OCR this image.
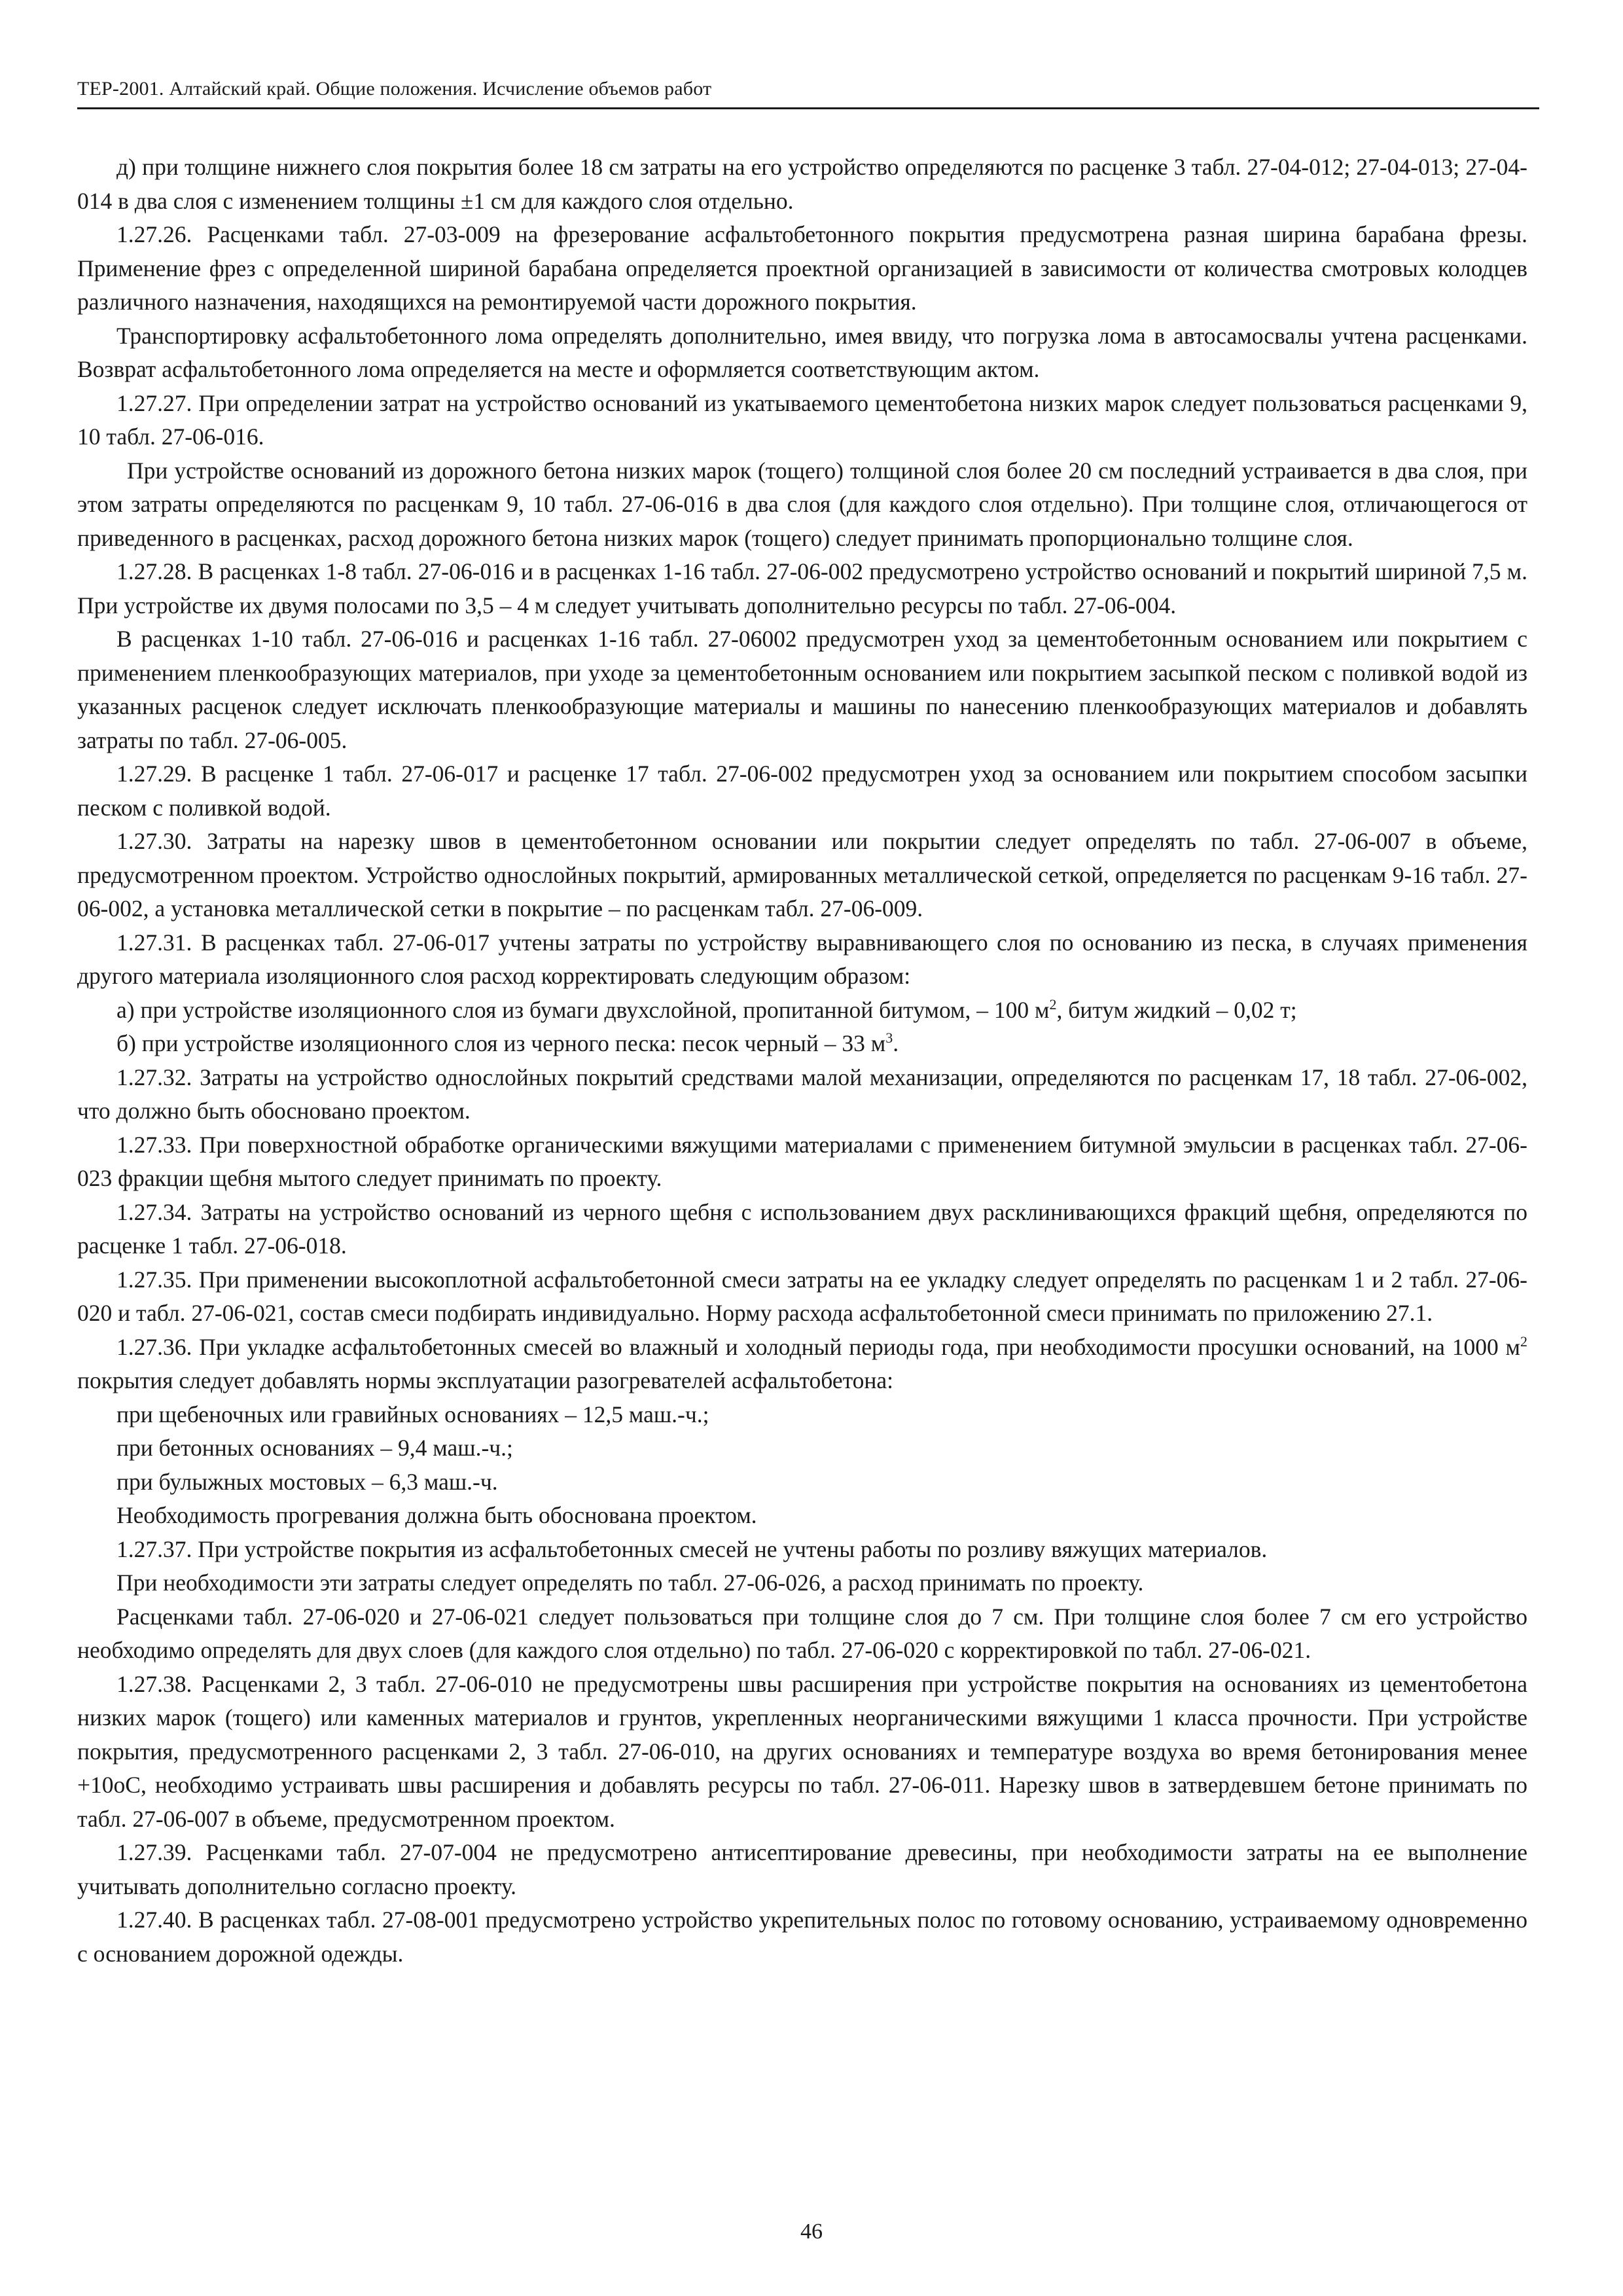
ТЕР-2001. Алтайский край. Общие положения. Исчисление объемов работ

д) при толщине нижнего слоя покрытия более 18 см затраты на его устройство определяются по расценке 3 табл. 27-04-012; 27-04-013; 27-04-014 в два слоя с изменением толщины ±1 см для каждого слоя отдельно.

1.27.26. Расценками табл. 27-03-009 на фрезерование асфальтобетонного покрытия предусмотрена разная ширина барабана фрезы. Применение фрез с определенной шириной барабана определяется проектной организацией в зависимости от количества смотровых колодцев различного назначения, находящихся на ремонтируемой части дорожного покрытия.

Транспортировку асфальтобетонного лома определять дополнительно, имея ввиду, что погрузка лома в автосамосвалы учтена расценками. Возврат асфальтобетонного лома определяется на месте и оформляется соответствующим актом.

1.27.27. При определении затрат на устройство оснований из укатываемого цементобетона низких марок следует пользоваться расценками 9, 10 табл. 27-06-016.

При устройстве оснований из дорожного бетона низких марок (тощего) толщиной слоя более 20 см последний устраивается в два слоя, при этом затраты определяются по расценкам 9, 10 табл. 27-06-016 в два слоя (для каждого слоя отдельно). При толщине слоя, отличающегося от приведенного в расценках, расход дорожного бетона низких марок (тощего) следует принимать пропорционально толщине слоя.

1.27.28. В расценках 1-8 табл. 27-06-016 и в расценках 1-16 табл. 27-06-002 предусмотрено устройство оснований и покрытий шириной 7,5 м. При устройстве их двумя полосами по 3,5 – 4 м следует учитывать дополнительно ресурсы по табл. 27-06-004.

В расценках 1-10 табл. 27-06-016 и расценках 1-16 табл. 27-06002 предусмотрен уход за цементобетонным основанием или покрытием с применением пленкообразующих материалов, при уходе за цементобетонным основанием или покрытием засыпкой песком с поливкой водой из указанных расценок следует исключать пленкообразующие материалы и машины по нанесению пленкообразующих материалов и добавлять затраты по табл. 27-06-005.

1.27.29. В расценке 1 табл. 27-06-017 и расценке 17 табл. 27-06-002 предусмотрен уход за основанием или покрытием способом засыпки песком с поливкой водой.

1.27.30. Затраты на нарезку швов в цементобетонном основании или покрытии следует определять по табл. 27-06-007 в объеме, предусмотренном проектом. Устройство однослойных покрытий, армированных металлической сеткой, определяется по расценкам 9-16 табл. 27-06-002, а установка металлической сетки в покрытие – по расценкам табл. 27-06-009.

1.27.31. В расценках табл. 27-06-017 учтены затраты по устройству выравнивающего слоя по основанию из песка, в случаях применения другого материала изоляционного слоя расход корректировать следующим образом:

а) при устройстве изоляционного слоя из бумаги двухслойной, пропитанной битумом, – 100 $м^2$, битум жидкий – 0,02 т;

б) при устройстве изоляционного слоя из черного песка: песок черный – 33 $м^3$.

1.27.32. Затраты на устройство однослойных покрытий средствами малой механизации, определяются по расценкам 17, 18 табл. 27-06-002, что должно быть обосновано проектом.

1.27.33. При поверхностной обработке органическими вяжущими материалами с применением битумной эмульсии в расценках табл. 27-06-023 фракции щебня мытого следует принимать по проекту.

1.27.34. Затраты на устройство оснований из черного щебня с использованием двух расклинивающихся фракций щебня, определяются по расценке 1 табл. 27-06-018.

1.27.35. При применении высокоплотной асфальтобетонной смеси затраты на ее укладку следует определять по расценкам 1 и 2 табл. 27-06-020 и табл. 27-06-021, состав смеси подбирать индивидуально. Норму расхода асфальтобетонной смеси принимать по приложению 27.1.

1.27.36. При укладке асфальтобетонных смесей во влажный и холодный периоды года, при необходимости просушки оснований, на 1000 $м^2$ покрытия следует добавлять нормы эксплуатации разогревателей асфальтобетона:

при щебеночных или гравийных основаниях – 12,5 маш.-ч.;

при бетонных основаниях – 9,4 маш.-ч.;

при булыжных мостовых – 6,3 маш.-ч.

Необходимость прогревания должна быть обоснована проектом.

1.27.37. При устройстве покрытия из асфальтобетонных смесей не учтены работы по розливу вяжущих материалов.

При необходимости эти затраты следует определять по табл. 27-06-026, а расход принимать по проекту.

Расценками табл. 27-06-020 и 27-06-021 следует пользоваться при толщине слоя до 7 см. При толщине слоя более 7 см его устройство необходимо определять для двух слоев (для каждого слоя отдельно) по табл. 27-06-020 с корректировкой по табл. 27-06-021.

1.27.38. Расценками 2, 3 табл. 27-06-010 не предусмотрены швы расширения при устройстве покрытия на основаниях из цементобетона низких марок (тощего) или каменных материалов и грунтов, укрепленных неорганическими вяжущими 1 класса прочности. При устройстве покрытия, предусмотренного расценками 2, 3 табл. 27-06-010, на других основаниях и температуре воздуха во время бетонирования менее +10оС, необходимо устраивать швы расширения и добавлять ресурсы по табл. 27-06-011. Нарезку швов в затвердевшем бетоне принимать по табл. 27-06-007 в объеме, предусмотренном проектом.

1.27.39. Расценками табл. 27-07-004 не предусмотрено антисептирование древесины, при необходимости затраты на ее выполнение учитывать дополнительно согласно проекту.

1.27.40. В расценках табл. 27-08-001 предусмотрено устройство укрепительных полос по готовому основанию, устраиваемому одновременно с основанием дорожной одежды.

46
